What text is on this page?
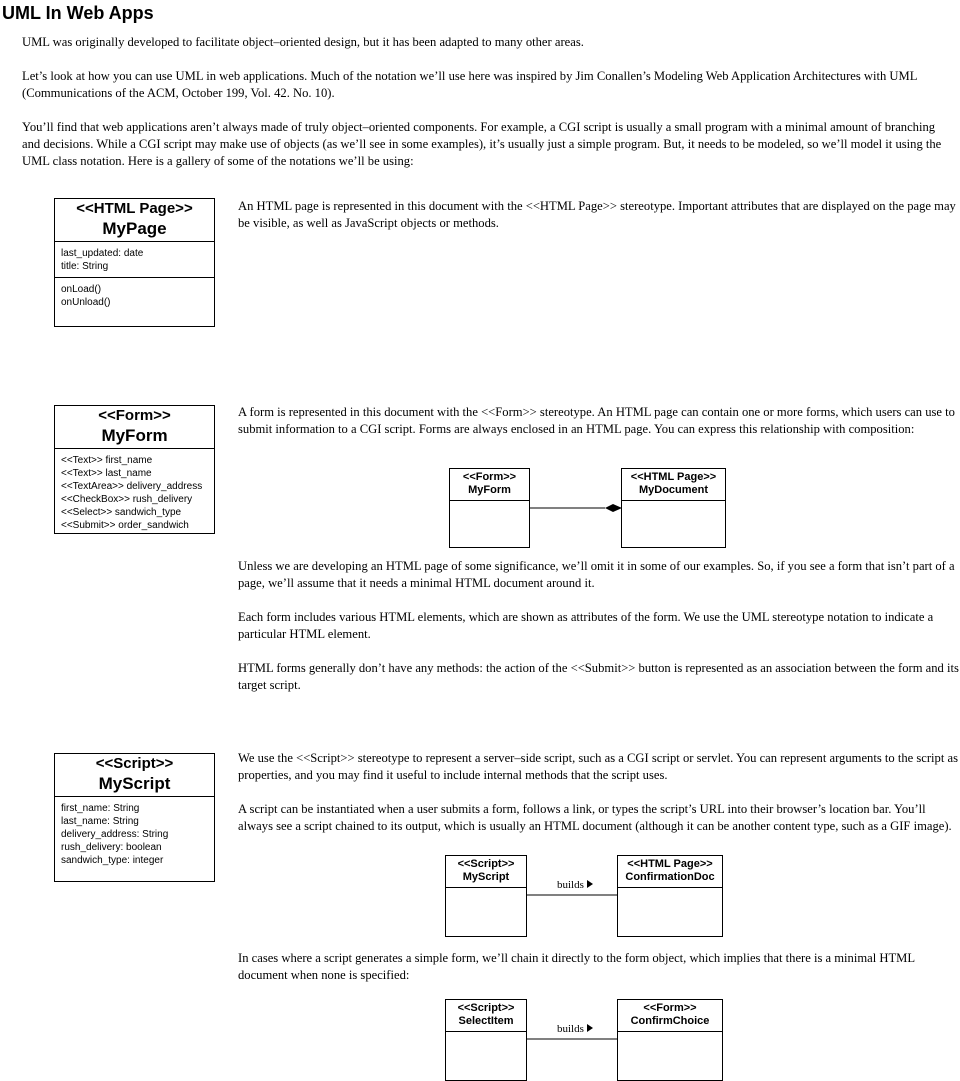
UML In Web Apps

UML was originally developed to facilitate object–oriented design, but it has been adapted to many other areas.

Let’s look at how you can use UML in web applications. Much of the notation we’ll use here was inspired by Jim Conallen’s Modeling Web Application Architectures with UML (Communications of the ACM, October 199, Vol. 42. No. 10).

You’ll find that web applications aren’t always made of truly object–oriented components. For example, a CGI script is usually a small program with a minimal amount of branching and decisions. While a CGI script may make use of objects (as we’ll see in some examples), it’s usually just a simple program. But, it needs to be modeled, so we’ll model it using the UML class notation. Here is a gallery of some of the notations we’ll be using:

<<HTML Page>>
MyPage
last_updated: date
title: String
onLoad()
onUnload()

An HTML page is represented in this document with the <<HTML Page>> stereotype. Important attributes that are displayed on the page may be visible, as well as JavaScript objects or methods.

<<Form>>
MyForm
<<Text>> first_name
<<Text>> last_name
<<TextArea>> delivery_address
<<CheckBox>> rush_delivery
<<Select>> sandwich_type
<<Submit>> order_sandwich

A form is represented in this document with the <<Form>> stereotype. An HTML page can contain one or more forms, which users can use to submit information to a CGI script. Forms are always enclosed in an HTML page. You can express this relationship with composition:

<<Form>>
MyForm
<<HTML Page>>
MyDocument

Unless we are developing an HTML page of some significance, we’ll omit it in some of our examples. So, if you see a form that isn’t part of a page, we’ll assume that it needs a minimal HTML document around it.

Each form includes various HTML elements, which are shown as attributes of the form. We use the UML stereotype notation to indicate a particular HTML element.

HTML forms generally don’t have any methods: the action of the <<Submit>> button is represented as an association between the form and its target script.

<<Script>>
MyScript
first_name: String
last_name: String
delivery_address: String
rush_delivery: boolean
sandwich_type: integer

We use the <<Script>> stereotype to represent a server–side script, such as a CGI script or servlet. You can represent arguments to the script as properties, and you may find it useful to include internal methods that the script uses.

A script can be instantiated when a user submits a form, follows a link, or types the script’s URL into their browser’s location bar. You’ll always see a script chained to its output, which is usually an HTML document (although it can be another content type, such as a GIF image).

<<Script>>
MyScript
builds
<<HTML Page>>
ConfirmationDoc

In cases where a script generates a simple form, we’ll chain it directly to the form object, which implies that there is a minimal HTML document when none is specified:

<<Script>>
SelectItem
builds
<<Form>>
ConfirmChoice
